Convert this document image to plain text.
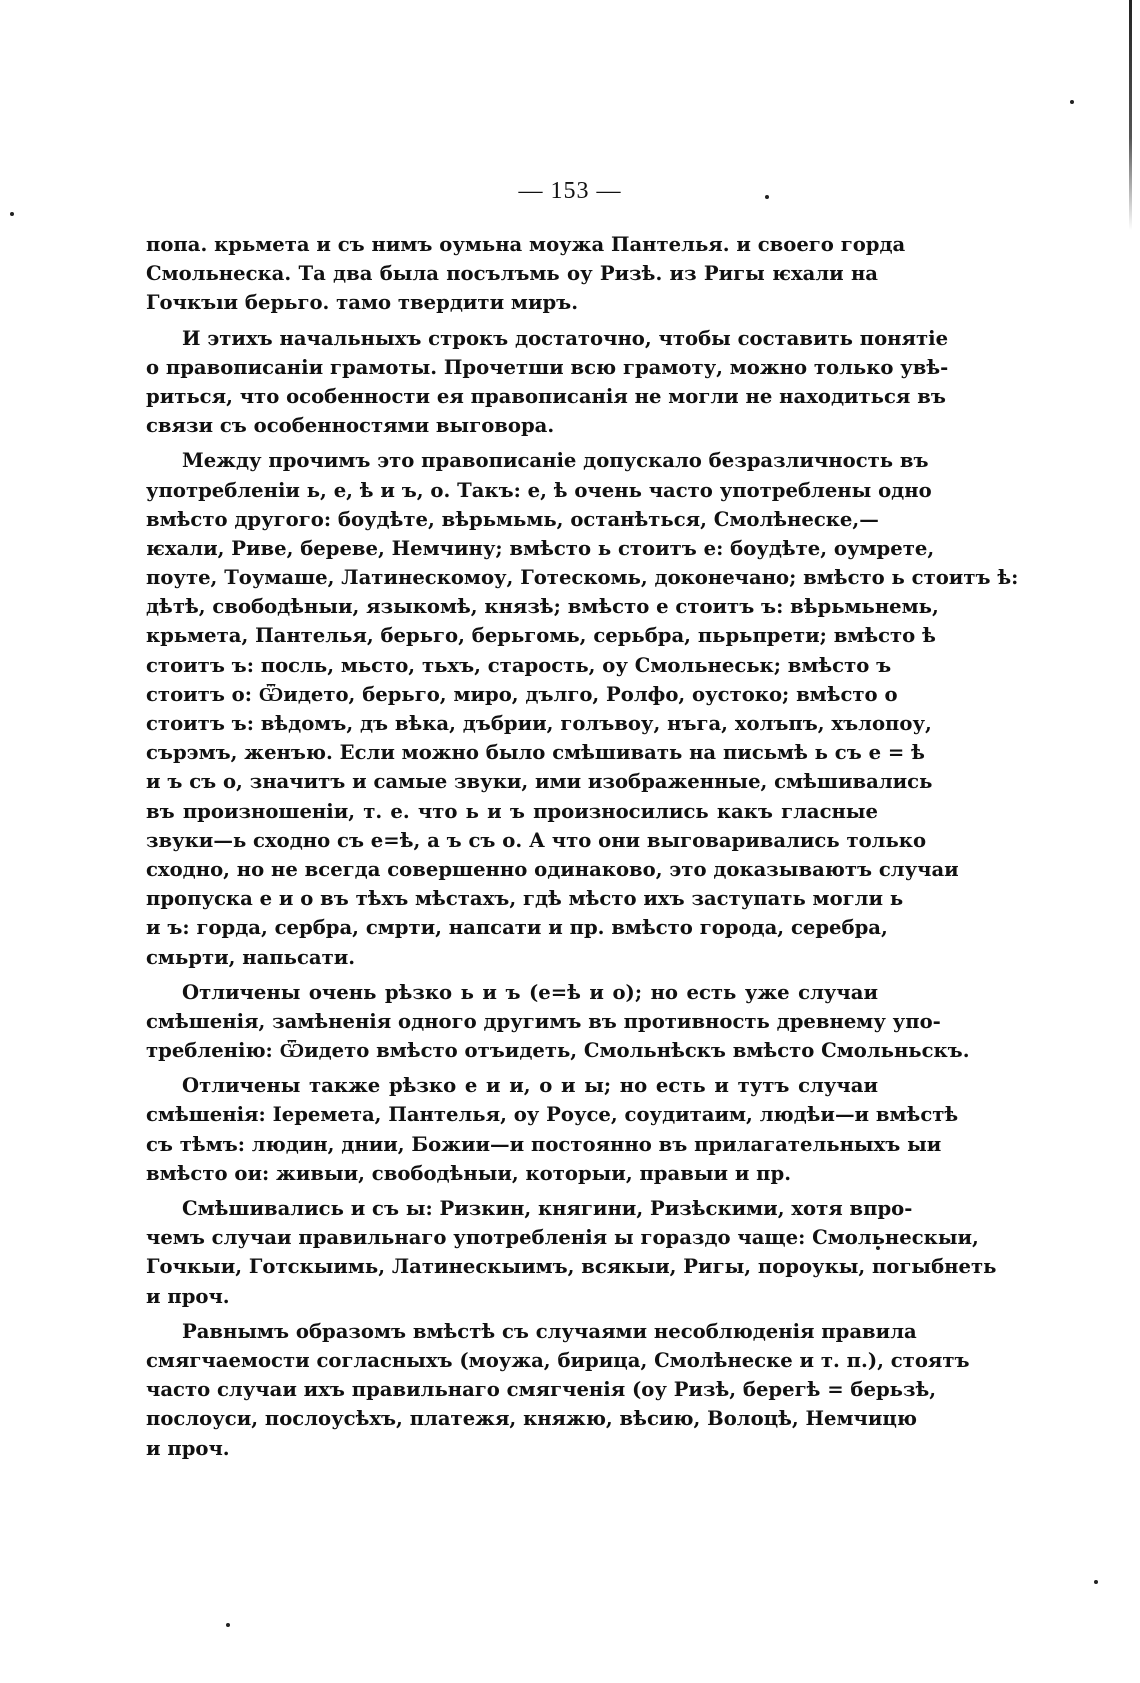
— 153 —
попа. крьмета и съ нимъ оумьна моужа Пантелья. и своего горда
Смольнеска. Та два была посълъмь оу Ризѣ. из Ригы ѥхали на
Гочкъıи берьго. тамо твердити миръ.
И этихъ начальныхъ строкъ достаточно, чтобы составить понятіе
о правописаніи грамоты. Прочетши всю грамоту, можно только увѣ-
риться, что особенности ея правописанія не могли не находиться въ
связи съ особенностями выговора.
Между прочимъ это правописаніе допускало безразличность въ
употребленіи ь, е, ѣ и ъ, о. Такъ: е, ѣ очень часто употреблены одно
вмѣсто другого: боудѣте, вѣрьмьмь, останѣться, Смолѣнеске,—
ѥхали, Риве, береве, Немчину; вмѣсто ь стоитъ е: боудѣте, оумрете,
поуте, Тоумаше, Латинескомоу, Готескомь, доконечано; вмѣсто ь стоитъ ѣ:
дѣтѣ, свободѣныи, языкомѣ, князѣ; вмѣсто е стоитъ ъ: вѣрьмьнемь,
крьмета, Пантелья, берьго, берьгомь, серьбра, пьрьпрети; вмѣсто ѣ
стоитъ ъ: посль, мьсто, тьхъ, старость, оу Смольнеськ; вмѣсто ъ
стоитъ о: Ѿидето, берьго, миро, дълго, Ролфо, оустоко; вмѣсто о
стоитъ ъ: вѣдомъ, дъ вѣка, дъбрии, голъвоу, нъга, холъпъ, хълопоу,
сърэмъ, женъю. Если можно было смѣшивать на письмѣ ь съ е = ѣ
и ъ съ о, значитъ и самые звуки, ими изображенные, смѣшивались
въ произношеніи, т. е. что ь и ъ произносились какъ гласные
звуки—ь сходно съ е=ѣ, а ъ съ о. А что они выговаривались только
сходно, но не всегда совершенно одинаково, это доказываютъ случаи
пропуска е и о въ тѣхъ мѣстахъ, гдѣ мѣсто ихъ заступать могли ь
и ъ: горда, сербра, смрти, напсати и пр. вмѣсто города, серебра,
смьрти, напьсати.
Отличены очень рѣзко ь и ъ (е=ѣ и о); но есть уже случаи
смѣшенія, замѣненія одного другимъ въ противность древнему упо-
требленію: Ѿидето вмѣсто отъидеть, Смольнѣскъ вмѣсто Смольньскъ.
Отличены также рѣзко е и и, о и ы; но есть и тутъ случаи
смѣшенія: Іеремета, Пантелья, оу Роусе, соудитаим, людѣи—и вмѣстѣ
съ тѣмъ: людин, днии, Божии—и постоянно въ прилагательныхъ ыи
вмѣсто ои: живыи, свободѣныи, которыи, правыи и пр.
Смѣшивались и съ ы: Ризкин, княгини, Ризѣскими, хотя впро-
чемъ случаи правильнаго употребленія ы гораздо чаще: Смольнескыи,
Гочкыи, Готскыимь, Латинескыимъ, всякыи, Ригы, пороукы, погыбнеть
и проч.
Равнымъ образомъ вмѣстѣ съ случаями несоблюденія правила
смягчаемости согласныхъ (моужа, бирица, Смолѣнеске и т. п.), стоятъ
часто случаи ихъ правильнаго смягченія (оу Ризѣ, берегѣ = берьзѣ,
послоуси, послоусѣхъ, платежя, княжю, вѣсию, Волоцѣ, Немчицю
и проч.
